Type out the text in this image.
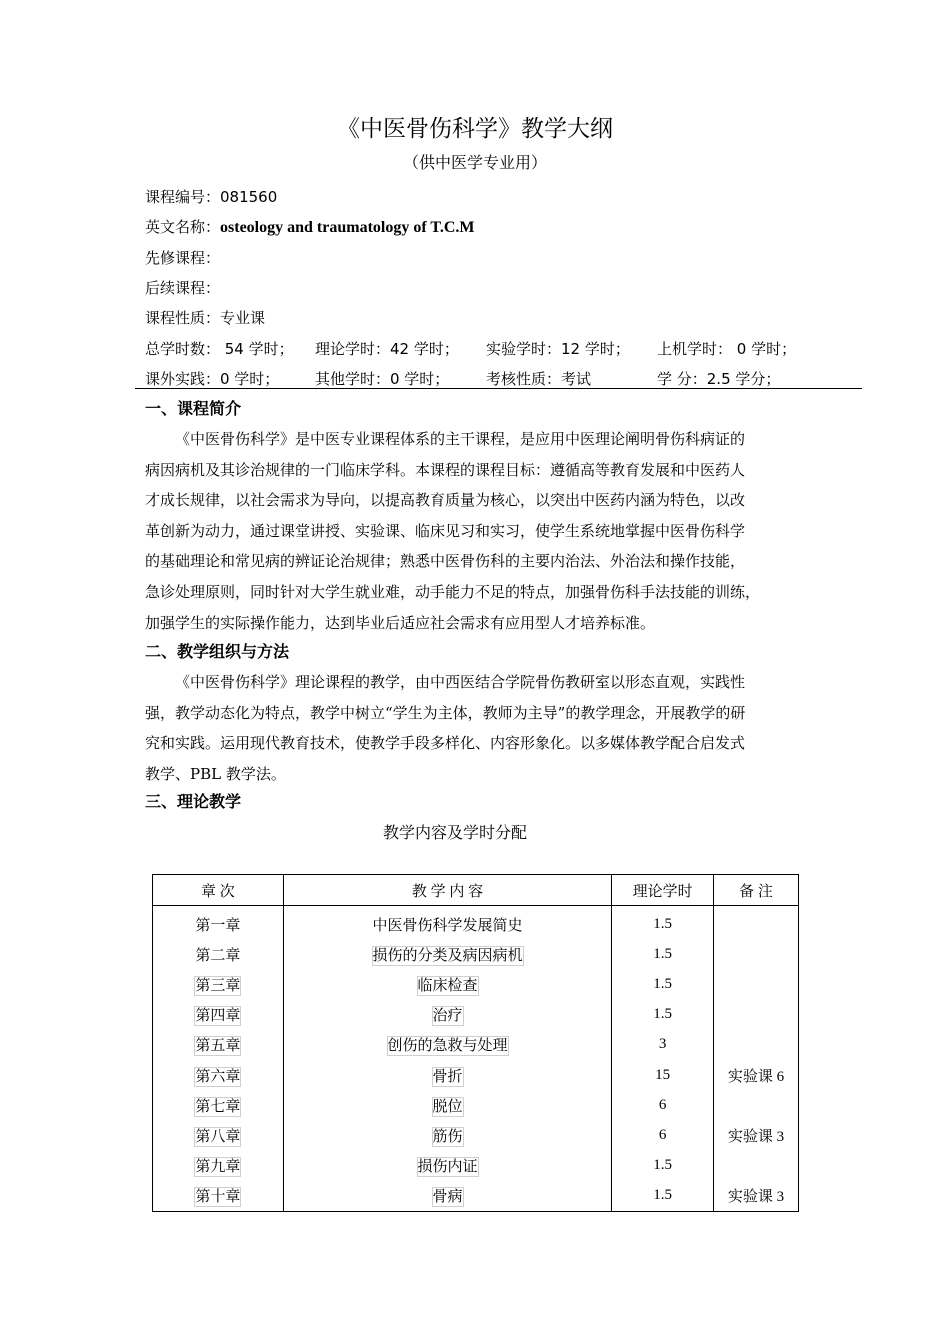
《中医骨伤科学》教学大纲
（供中医学专业用）
课程编号：081560
英文名称：osteology and traumatology of T.C.M
先修课程：
后续课程：
课程性质：专业课
总学时数： 54 学时； 理论学时：42 学时； 实验学时：12 学时； 上机学时： 0 学时；
课外实践：0 学时； 其他学时：0 学时； 考核性质：考试	学 分：2.5 学分；
一、课程简介
《中医骨伤科学》是中医专业课程体系的主干课程，是应用中医理论阐明骨伤科病证的
病因病机及其诊治规律的一门临床学科。本课程的课程目标：遵循高等教育发展和中医药人
才成长规律，以社会需求为导向，以提高教育质量为核心，以突出中医药内涵为特色，以改
革创新为动力，通过课堂讲授、实验课、临床见习和实习，使学生系统地掌握中医骨伤科学
的基础理论和常见病的辨证论治规律；熟悉中医骨伤科的主要内治法、外治法和操作技能，
急诊处理原则，同时针对大学生就业难，动手能力不足的特点，加强骨伤科手法技能的训练，
加强学生的实际操作能力，达到毕业后适应社会需求有应用型人才培养标准。
二、教学组织与方法
《中医骨伤科学》理论课程的教学，由中西医结合学院骨伤教研室以形态直观，实践性
强，教学动态化为特点，教学中树立“学生为主体，教师为主导”的教学理念，开展教学的研
究和实践。运用现代教育技术，使教学手段多样化、内容形象化。以多媒体教学配合启发式
教学、PBL 教学法。
三、理论教学
教学内容及学时分配
章 次	教 学 内 容	理论学时	备 注
第一章	中医骨伤科学发展简史	1.5	
第二章	损伤的分类及病因病机	1.5	
第三章	临床检查	1.5	
第四章	治疗	1.5	
第五章	创伤的急救与处理	3	
第六章	骨折	15	实验课 6
第七章	脱位	6	
第八章	筋伤	6	实验课 3
第九章	损伤内证	1.5	
第十章	骨病	1.5	实验课 3
